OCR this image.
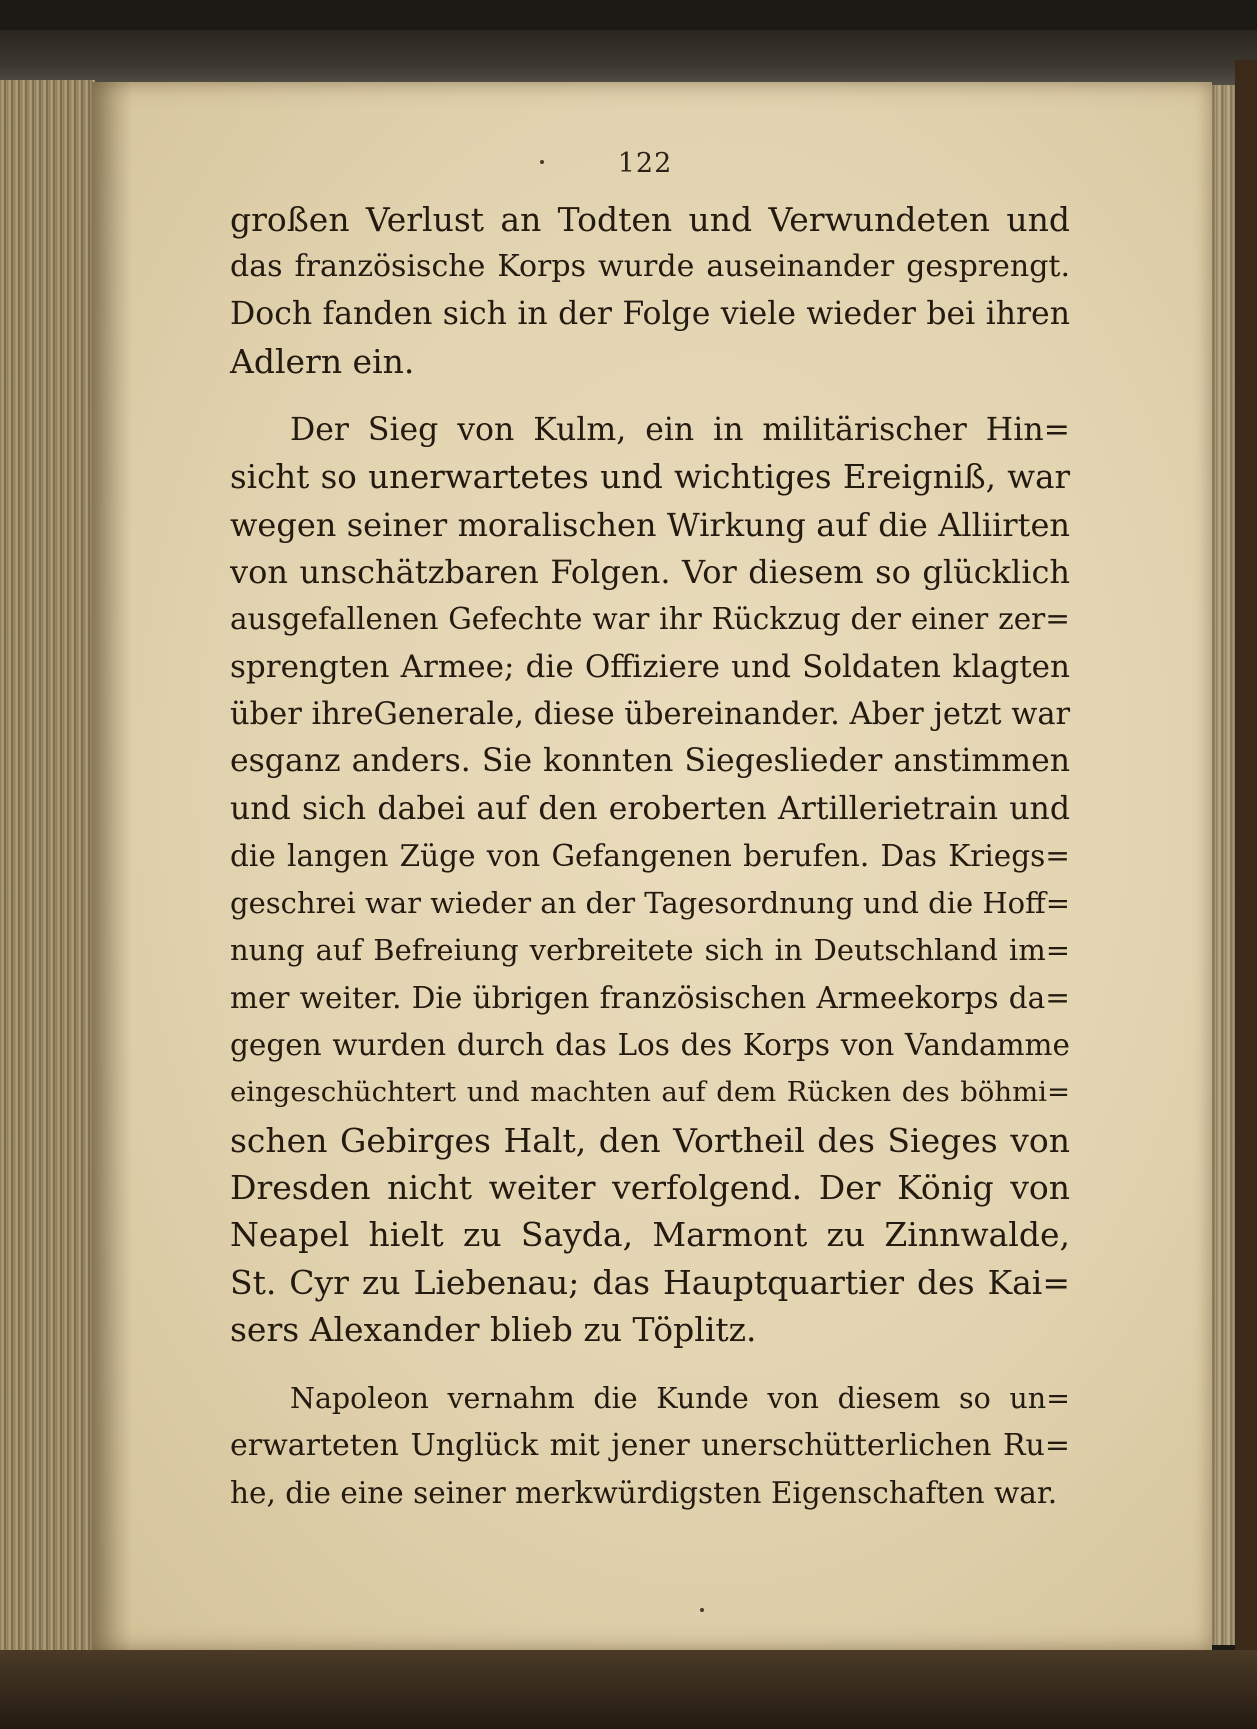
122
großen Verlust an Todten und Verwundeten und
das französische Korps wurde auseinander gesprengt.
Doch fanden sich in der Folge viele wieder bei ihren
Adlern ein.
Der Sieg von Kulm, ein in militärischer Hin=
sicht so unerwartetes und wichtiges Ereigniß, war
wegen seiner moralischen Wirkung auf die Alliirten
von unschätzbaren Folgen. Vor diesem so glücklich
ausgefallenen Gefechte war ihr Rückzug der einer zer=
sprengten Armee; die Offiziere und Soldaten klagten
über ihreGenerale, diese übereinander. Aber jetzt war
esganz anders. Sie konnten Siegeslieder anstimmen
und sich dabei auf den eroberten Artillerietrain und
die langen Züge von Gefangenen berufen. Das Kriegs=
geschrei war wieder an der Tagesordnung und die Hoff=
nung auf Befreiung verbreitete sich in Deutschland im=
mer weiter. Die übrigen französischen Armeekorps da=
gegen wurden durch das Los des Korps von Vandamme
eingeschüchtert und machten auf dem Rücken des böhmi=
schen Gebirges Halt, den Vortheil des Sieges von
Dresden nicht weiter verfolgend. Der König von
Neapel hielt zu Sayda, Marmont zu Zinnwalde,
St. Cyr zu Liebenau; das Hauptquartier des Kai=
sers Alexander blieb zu Töplitz.
Napoleon vernahm die Kunde von diesem so un=
erwarteten Unglück mit jener unerschütterlichen Ru=
he, die eine seiner merkwürdigsten Eigenschaften war.
